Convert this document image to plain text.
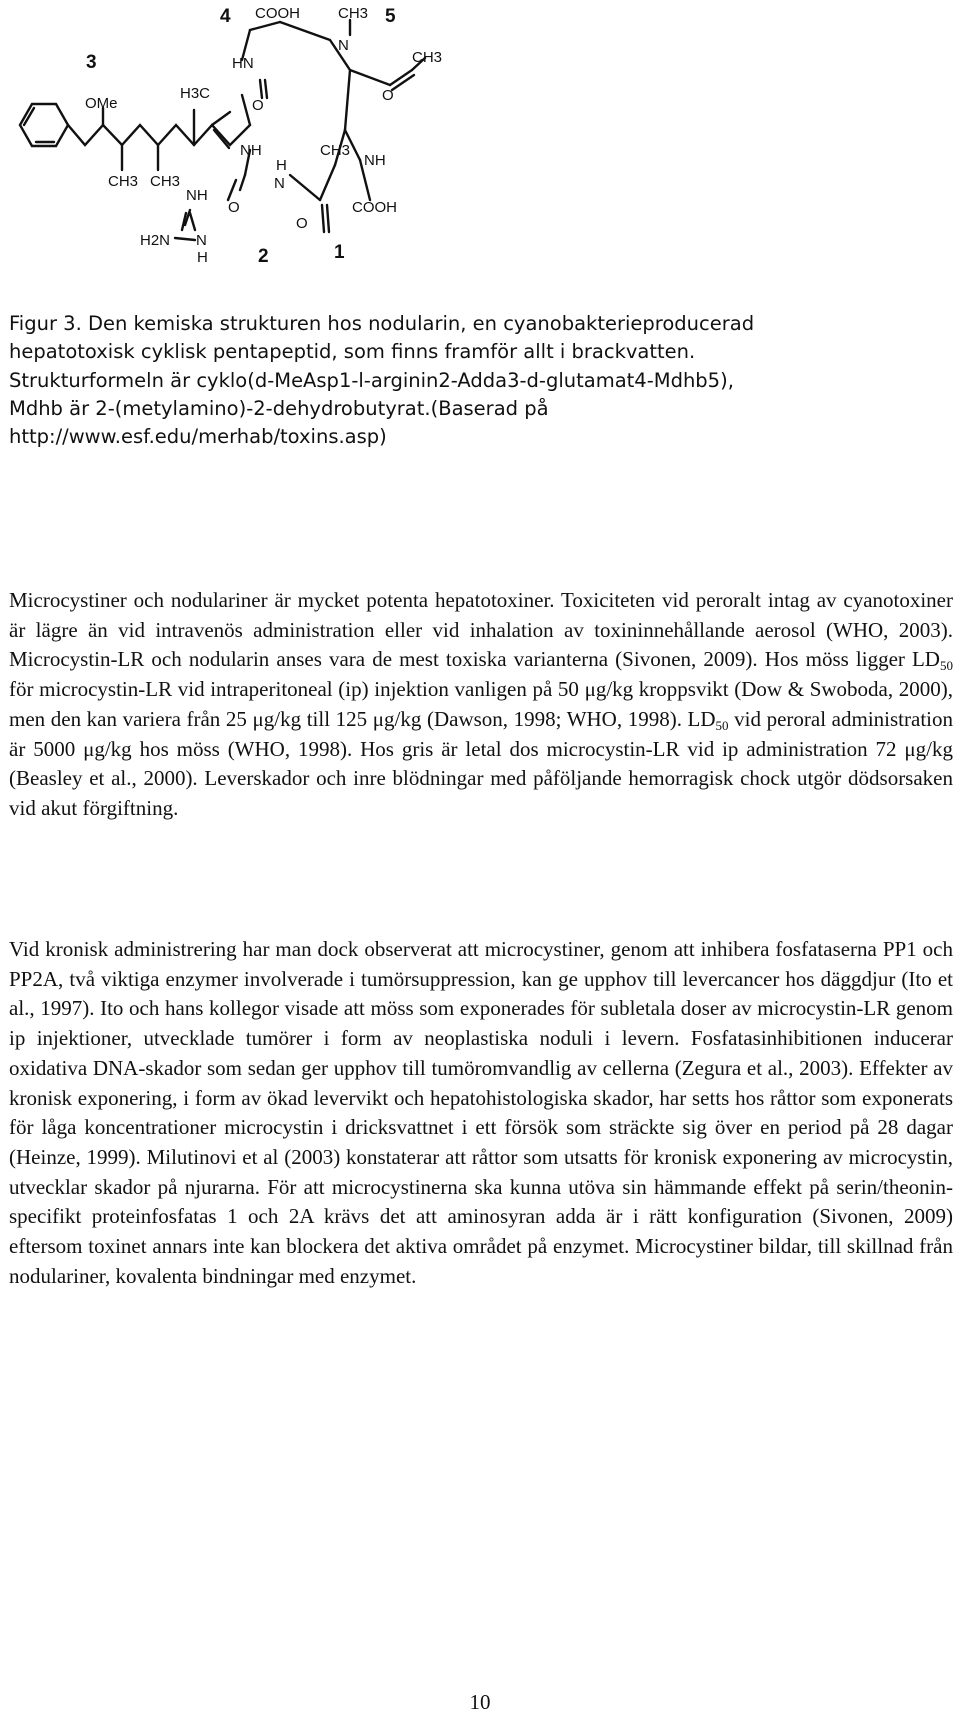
4 COOH	CH3 5
N
CH3
3	HN
O
H3C
OMe	O
NH	CH3
NH
H
N
CH3 CH3
NH
O	COOH
O
H2N N
H	2	1

Figur 3. Den kemiska strukturen hos nodularin, en cyanobakterieproducerad
hepatotoxisk cyklisk pentapeptid, som finns framför allt i brackvatten.
Strukturformeln är cyklo(d-MeAsp1-l-arginin2-Adda3-d-glutamat4-Mdhb5),
Mdhb är 2-(metylamino)-2-dehydrobutyrat.(Baserad på
http://www.esf.edu/merhab/toxins.asp)

Microcystiner och nodulariner är mycket potenta hepatotoxiner. Toxiciteten vid peroralt intag av cyanotoxiner är lägre än vid intravenös administration eller vid inhalation av toxininnehållande aerosol (WHO, 2003). Microcystin-LR och nodularin anses vara de mest toxiska varianterna (Sivonen, 2009). Hos möss ligger $LD_{50}$ för microcystin-LR vid intraperitoneal (ip) injektion vanligen på 50 μg/kg kroppsvikt (Dow & Swoboda, 2000), men den kan variera från 25 μg/kg till 125 μg/kg (Dawson, 1998; WHO, 1998). $LD_{50}$ vid peroral administration är 5000 μg/kg hos möss (WHO, 1998). Hos gris är letal dos microcystin-LR vid ip administration 72 μg/kg (Beasley et al., 2000). Leverskador och inre blödningar med påföljande hemorragisk chock utgör dödsorsaken vid akut förgiftning.

Vid kronisk administrering har man dock observerat att microcystiner, genom att inhibera fosfataserna PP1 och PP2A, två viktiga enzymer involverade i tumörsuppression, kan ge upphov till levercancer hos däggdjur (Ito et al., 1997). Ito och hans kollegor visade att möss som exponerades för subletala doser av microcystin-LR genom ip injektioner, utvecklade tumörer i form av neoplastiska noduli i levern. Fosfatasinhibitionen inducerar oxidativa DNA-skador som sedan ger upphov till tumöromvandlig av cellerna (Zegura et al., 2003). Effekter av kronisk exponering, i form av ökad levervikt och hepatohistologiska skador, har setts hos råttor som exponerats för låga koncentrationer microcystin i dricksvattnet i ett försök som sträckte sig över en period på 28 dagar (Heinze, 1999). Milutinovi et al (2003) konstaterar att råttor som utsatts för kronisk exponering av microcystin, utvecklar skador på njurarna. För att microcystinerna ska kunna utöva sin hämmande effekt på serin/theonin-specifikt proteinfosfatas 1 och 2A krävs det att aminosyran adda är i rätt konfiguration (Sivonen, 2009) eftersom toxinet annars inte kan blockera det aktiva området på enzymet. Microcystiner bildar, till skillnad från nodulariner, kovalenta bindningar med enzymet.

10
